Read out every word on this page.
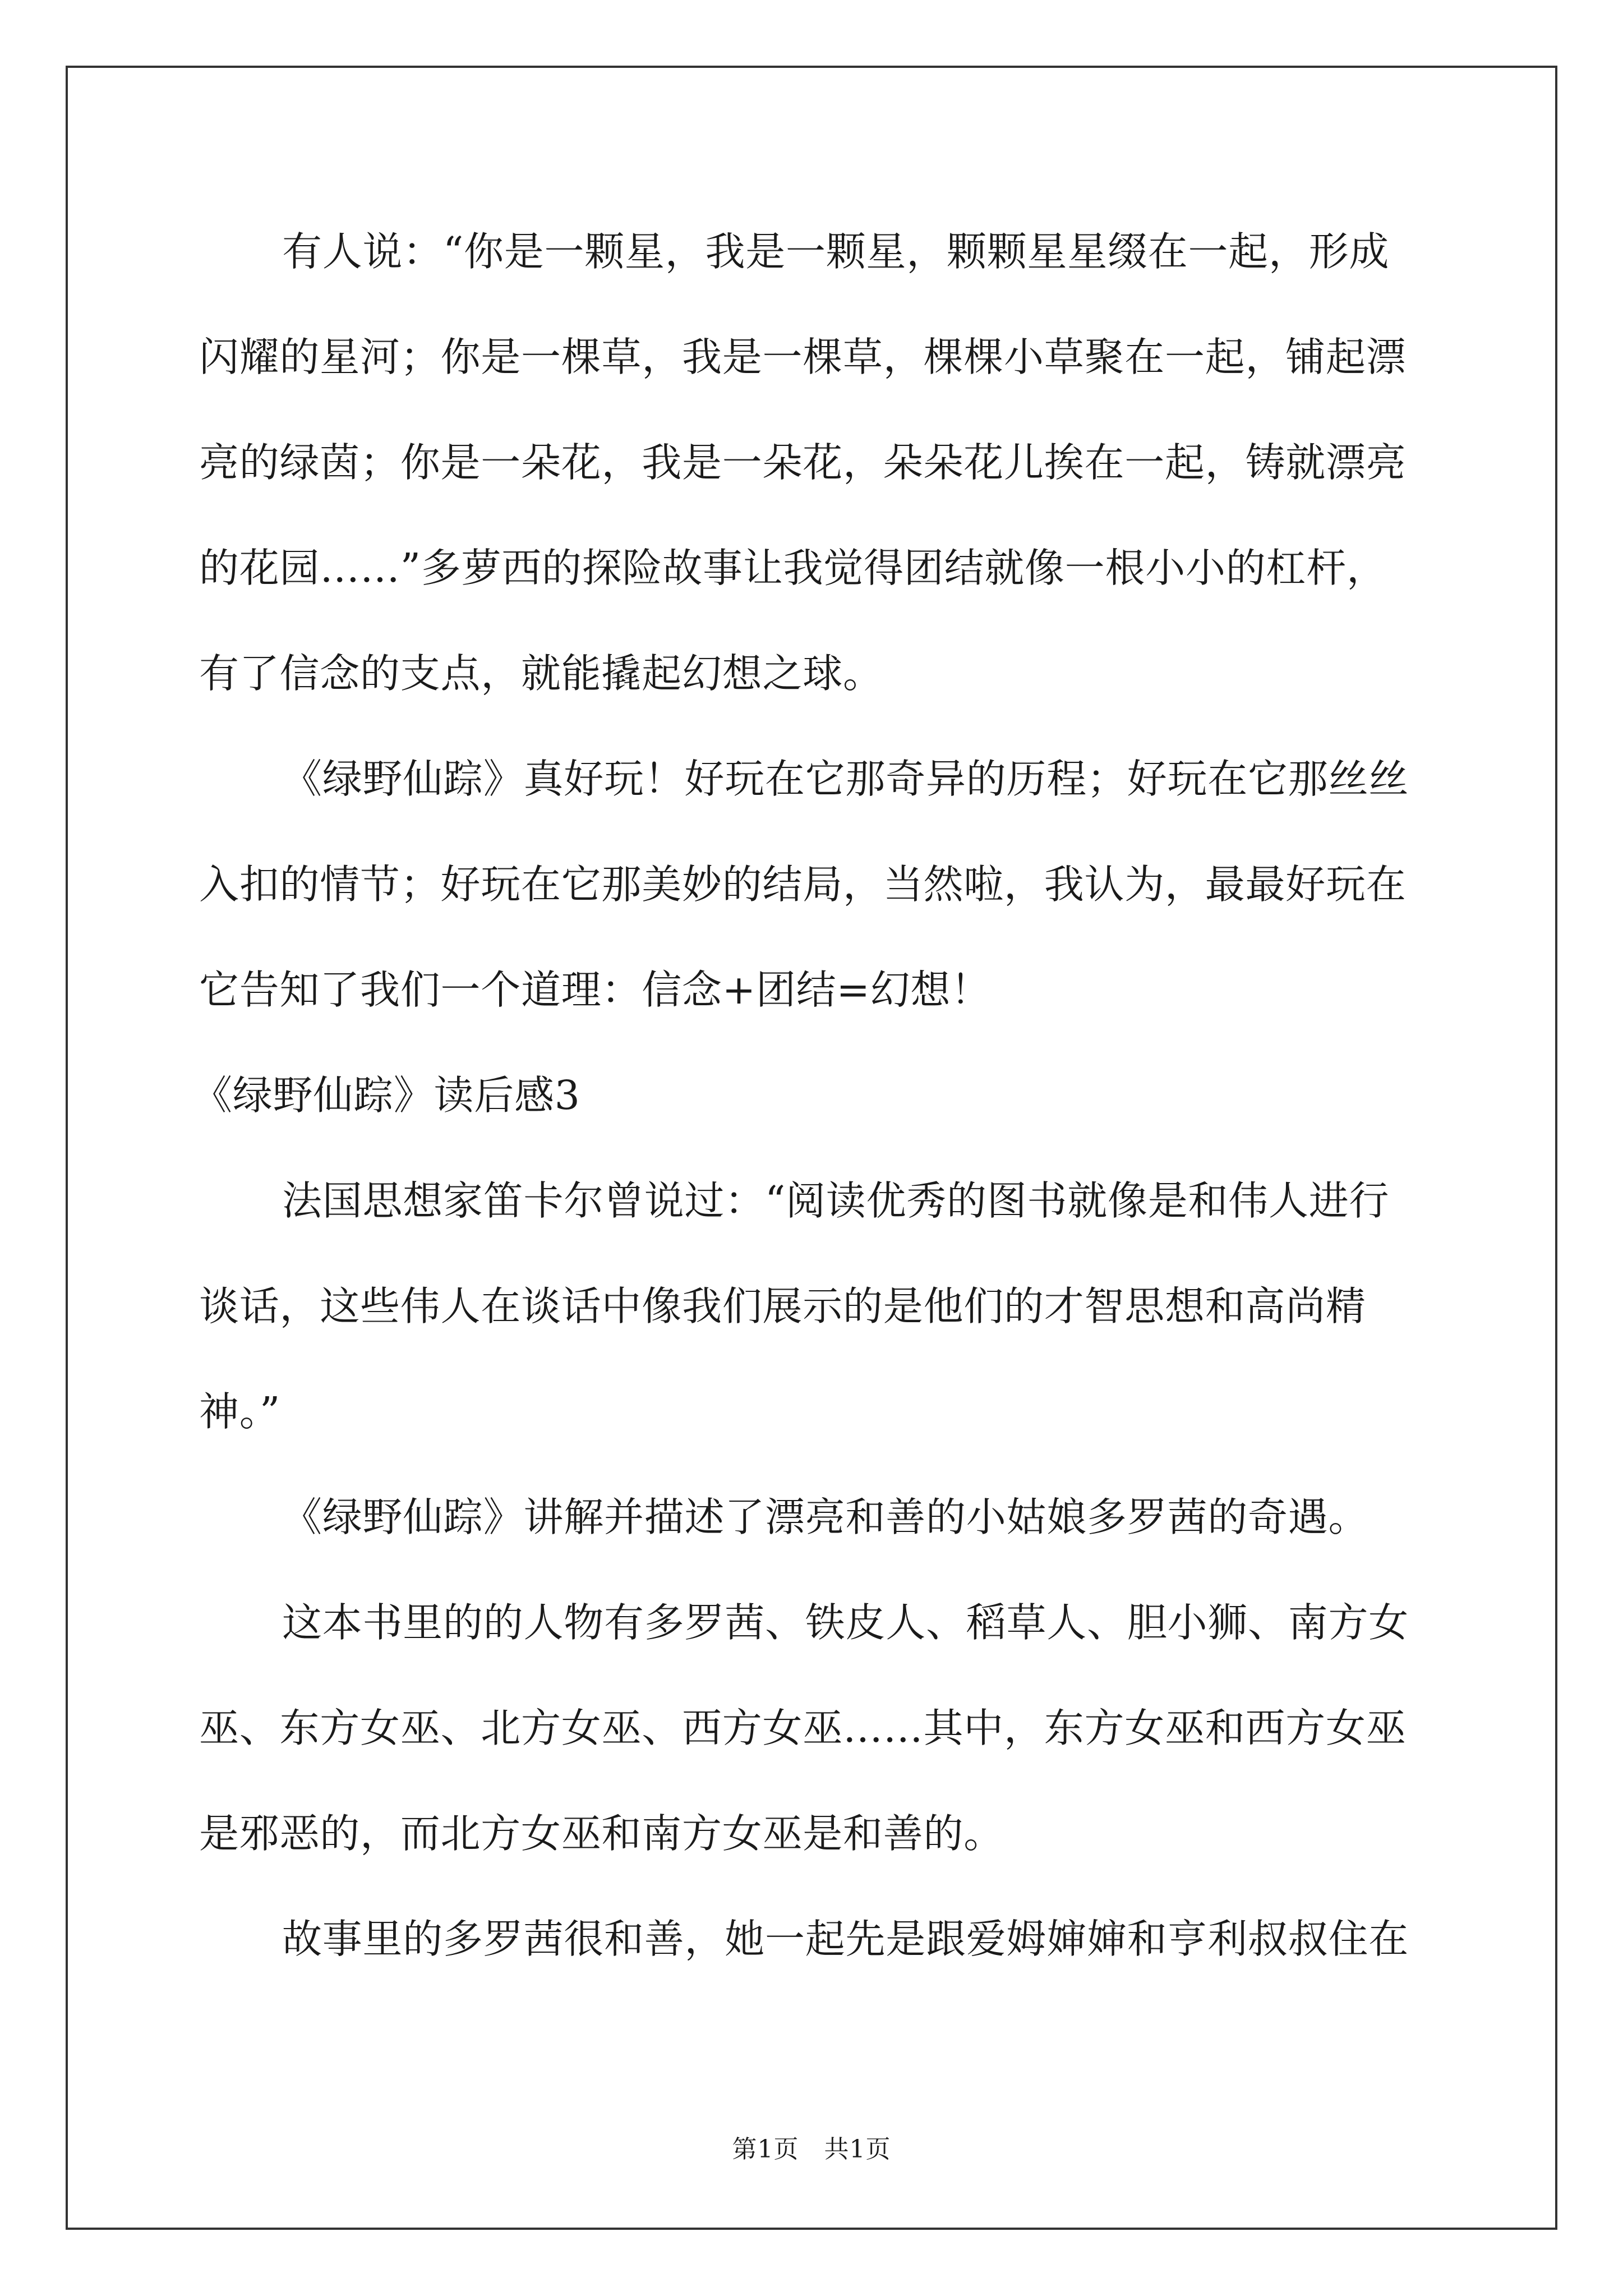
有人说：“你是一颗星，我是一颗星，颗颗星星缀在一起，形成
闪耀的星河；你是一棵草，我是一棵草，棵棵小草聚在一起，铺起漂
亮的绿茵；你是一朵花，我是一朵花，朵朵花儿挨在一起，铸就漂亮
的花园……”多萝西的探险故事让我觉得团结就像一根小小的杠杆，
有了信念的支点，就能撬起幻想之球。
《绿野仙踪》真好玩！好玩在它那奇异的历程；好玩在它那丝丝
入扣的情节；好玩在它那美妙的结局，当然啦，我认为，最最好玩在
它告知了我们一个道理：信念+团结=幻想！
《绿野仙踪》读后感3
法国思想家笛卡尔曾说过：“阅读优秀的图书就像是和伟人进行
谈话，这些伟人在谈话中像我们展示的是他们的才智思想和高尚精
神。”
《绿野仙踪》讲解并描述了漂亮和善的小姑娘多罗茜的奇遇。
这本书里的的人物有多罗茜、铁皮人、稻草人、胆小狮、南方女
巫、东方女巫、北方女巫、西方女巫……其中，东方女巫和西方女巫
是邪恶的，而北方女巫和南方女巫是和善的。
故事里的多罗茜很和善，她一起先是跟爱姆婶婶和亨利叔叔住在
第1页　共1页
